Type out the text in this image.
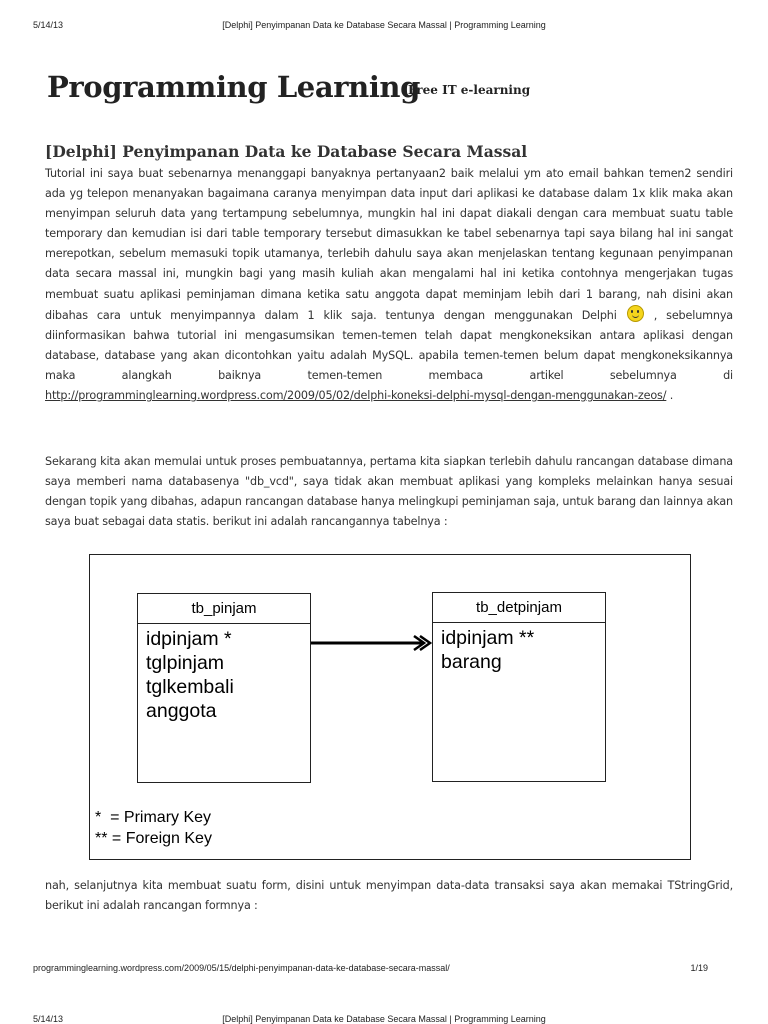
5/14/13	[Delphi] Penyimpanan Data ke Database Secara Massal | Programming Learning
Programming Learning
Free IT e-learning
[Delphi] Penyimpanan Data ke Database Secara Massal
Tutorial ini saya buat sebenarnya menanggapi banyaknya pertanyaan2 baik melalui ym ato email bahkan temen2 sendiri ada yg telepon menanyakan bagaimana caranya menyimpan data input dari aplikasi ke database dalam 1x klik maka akan menyimpan seluruh data yang tertampung sebelumnya, mungkin hal ini dapat diakali dengan cara membuat suatu table temporary dan kemudian isi dari table temporary tersebut dimasukkan ke tabel sebenarnya tapi saya bilang hal ini sangat merepotkan, sebelum memasuki topik utamanya, terlebih dahulu saya akan menjelaskan tentang kegunaan penyimpanan data secara massal ini, mungkin bagi yang masih kuliah akan mengalami hal ini ketika contohnya mengerjakan tugas membuat suatu aplikasi peminjaman dimana ketika satu anggota dapat meminjam lebih dari 1 barang, nah disini akan dibahas cara untuk menyimpannya dalam 1 klik saja. tentunya dengan menggunakan Delphi	, sebelumnya diinformasikan bahwa tutorial ini mengasumsikan temen-temen telah dapat mengkoneksikan antara aplikasi dengan database, database yang akan dicontohkan yaitu adalah MySQL. apabila temen-temen belum dapat mengkoneksikannya maka alangkah baiknya temen-temen membaca artikel sebelumnya di http://programminglearning.wordpress.com/2009/05/02/delphi-koneksi-delphi-mysql-dengan-menggunakan-zeos/ .
Sekarang kita akan memulai untuk proses pembuatannya, pertama kita siapkan terlebih dahulu rancangan database dimana saya memberi nama databasenya "db_vcd", saya tidak akan membuat aplikasi yang kompleks melainkan hanya sesuai dengan topik yang dibahas, adapun rancangan database hanya melingkupi peminjaman saja, untuk barang dan lainnya akan saya buat sebagai data statis. berikut ini adalah rancangannya tabelnya :
tb_pinjam
idpinjam *
tglpinjam
tglkembali
anggota
tb_detpinjam
idpinjam **
barang
*  = Primary Key
** = Foreign Key
nah, selanjutnya kita membuat suatu form, disini untuk menyimpan data-data transaksi saya akan memakai TStringGrid, berikut ini adalah rancangan formnya :
programminglearning.wordpress.com/2009/05/15/delphi-penyimpanan-data-ke-database-secara-massal/	1/19
5/14/13	[Delphi] Penyimpanan Data ke Database Secara Massal | Programming Learning
